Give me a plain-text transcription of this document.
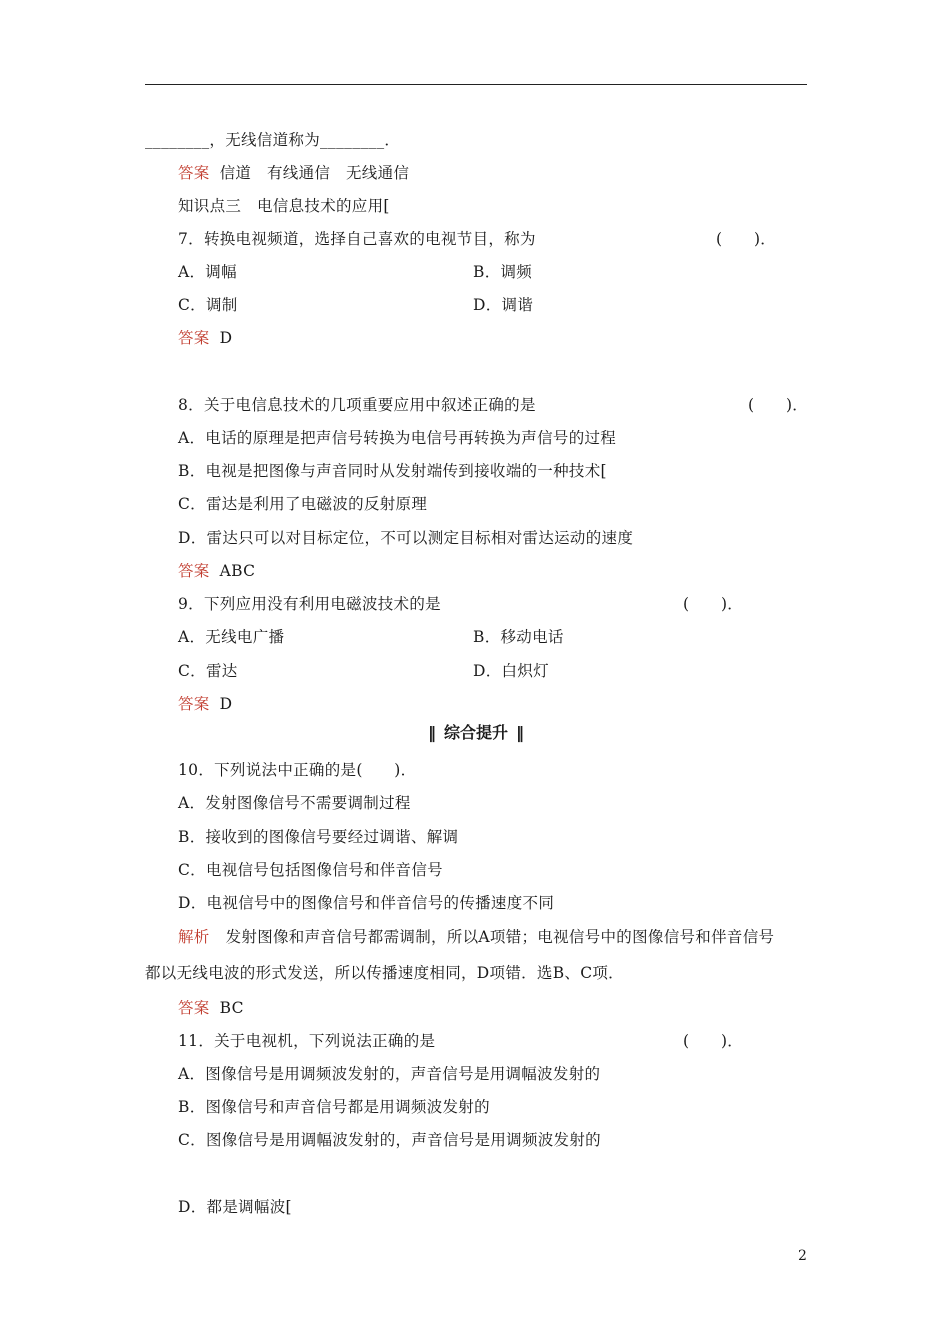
________，无线信道称为________．
答案 信道　有线通信　无线通信
知识点三　电信息技术的应用[
7．转换电视频道，选择自己喜欢的电视节目，称为	(　　)．
A．调幅	B．调频
C．调制	D．调谐
答案 D
8．关于电信息技术的几项重要应用中叙述正确的是	(　　)．
A．电话的原理是把声信号转换为电信号再转换为声信号的过程
B．电视是把图像与声音同时从发射端传到接收端的一种技术[
C．雷达是利用了电磁波的反射原理
D．雷达只可以对目标定位，不可以测定目标相对雷达运动的速度
答案 ABC
9．下列应用没有利用电磁波技术的是	(　　)．
A．无线电广播	B．移动电话
C．雷达	D．白炽灯
答案 D
‖ 综合提升 ‖
10．下列说法中正确的是(　　)．
A．发射图像信号不需要调制过程
B．接收到的图像信号要经过调谐、解调
C．电视信号包括图像信号和伴音信号
D．电视信号中的图像信号和伴音信号的传播速度不同
解析 发射图像和声音信号都需调制，所以A项错；电视信号中的图像信号和伴音信号
都以无线电波的形式发送，所以传播速度相同，D项错．选B、C项．
答案 BC
11．关于电视机，下列说法正确的是	(　　)．
A．图像信号是用调频波发射的，声音信号是用调幅波发射的
B．图像信号和声音信号都是用调频波发射的
C．图像信号是用调幅波发射的，声音信号是用调频波发射的
D．都是调幅波[
2
